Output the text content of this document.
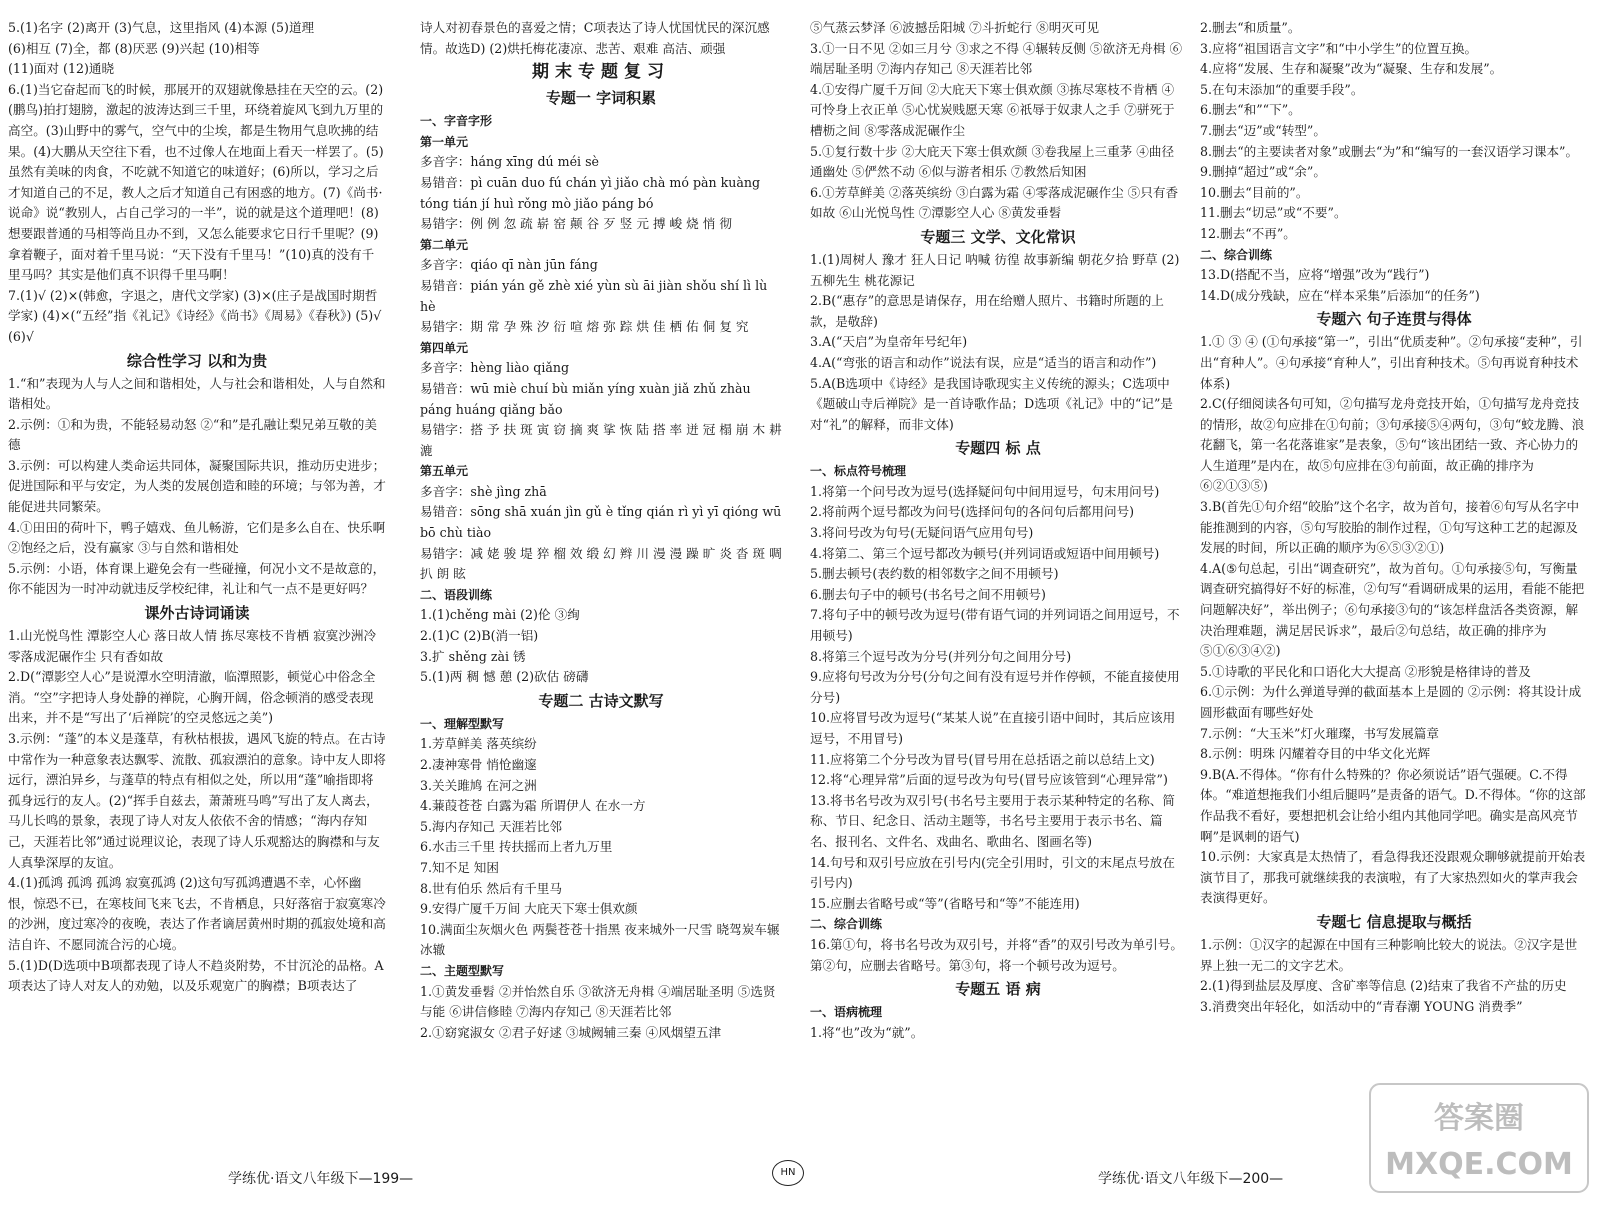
5.(1)名字 (2)离开 (3)气息，这里指风 (4)本源 (5)道理

(6)相互 (7)全，都 (8)厌恶 (9)兴起 (10)相等

(11)面对 (12)通晓

6.(1)当它奋起而飞的时候，那展开的双翅就像悬挂在天空的云。(2)(鹏鸟)拍打翅膀，激起的波涛达到三千里，环绕着旋风飞到九万里的高空。(3)山野中的雾气，空气中的尘埃，都是生物用气息吹拂的结果。(4)大鹏从天空往下看，也不过像人在地面上看天一样罢了。(5)虽然有美味的肉食，不吃就不知道它的味道好；(6)所以，学习之后才知道自己的不足，教人之后才知道自己有困惑的地方。(7)《尚书·说命》说“教别人，占自己学习的一半”，说的就是这个道理吧！(8)想要跟普通的马相等尚且办不到，又怎么能要求它日行千里呢？(9)拿着鞭子，面对着千里马说：“天下没有千里马！”(10)真的没有千里马吗？其实是他们真不识得千里马啊！

7.(1)√ (2)×(韩愈，字退之，唐代文学家) (3)×(庄子是战国时期哲学家) (4)×(“五经”指《礼记》《诗经》《尚书》《周易》《春秋》) (5)√ (6)√

综合性学习 以和为贵

1.“和”表现为人与人之间和谐相处，人与社会和谐相处，人与自然和谐相处。

2.示例：①和为贵，不能轻易动怒 ②“和”是孔融让梨兄弟互敬的美德

3.示例：可以构建人类命运共同体，凝聚国际共识，推动历史进步；促进国际和平与安定，为人类的发展创造和睦的环境；与邻为善，才能促进共同繁荣。

4.①田田的荷叶下，鸭子嬉戏、鱼儿畅游，它们是多么自在、快乐啊 ②饱经之后，没有赢家 ③与自然和谐相处

5.示例：小语，体育课上避免会有一些碰撞，何况小文不是故意的，你不能因为一时冲动就违反学校纪律，礼让和气一点不是更好吗？

课外古诗词诵读

1.山光悦鸟性 潭影空人心 落日故人情 拣尽寒枝不肯栖 寂寞沙洲冷 零落成泥碾作尘 只有香如故

2.D(“潭影空人心”是说潭水空明清澈，临潭照影，顿觉心中俗念全消。“空”字把诗人身处静的禅院，心胸开阔，俗念顿消的感受表现出来，并不是“写出了‘后禅院’的空灵悠远之美”)

3.示例：“蓬”的本义是蓬草，有秋枯根拔，遇风飞旋的特点。在古诗中常作为一种意象表达飘零、流散、孤寂漂泊的意象。诗中友人即将远行，漂泊异乡，与蓬草的特点有相似之处，所以用“蓬”喻指即将孤身远行的友人。(2)“挥手自兹去，萧萧班马鸣”写出了友人离去，马儿长鸣的景象，表现了诗人对友人依依不舍的情感；“海内存知己，天涯若比邻”通过说理议论，表现了诗人乐观豁达的胸襟和与友人真挚深厚的友谊。

4.(1)孤鸿 孤鸿 孤鸿 寂寞孤鸿 (2)这句写孤鸿遭遇不幸，心怀幽恨，惊恐不已，在寒枝间飞来飞去，不肯栖息，只好落宿于寂寞寒冷的沙洲，度过寒冷的夜晚，表达了作者谪居黄州时期的孤寂处境和高洁自许、不愿同流合污的心境。

5.(1)D(D选项中B项都表现了诗人不趋炎附势，不甘沉沦的品格。A项表达了诗人对友人的劝勉，以及乐观宽广的胸襟；B项表达了

诗人对初春景色的喜爱之情；C项表达了诗人忧国忧民的深沉感情。故选D) (2)烘托梅花凄凉、悲苦、艰难 高洁、顽强

期末专题复习

专题一 字词积累

一、字音字形

第一单元

多音字：háng xīng dú méi sè

易错音：pì cuān duo fú chán yì jiǎo chà mó pàn kuàng tóng tián jí huì rǒng mò jiǎo páng bó

易错字：例 例 忽 疏 崭 窑 颠 谷 歹 竖 元 搏 峻 烧 悄 彻

第二单元

多音字：qiáo qī nàn jūn fáng

易错音：pián yán gě zhè xié yùn sù āi jiàn shǒu shí lì lù hè

易错字：期 常 孕 殊 汐 衍 喧 熔 弥 踪 烘 佳 栖 佑 侗 复 究

第四单元

多音字：hèng liào qiǎng

易错音：wū miè chuí bù miǎn yíng xuàn jiǎ zhǔ zhàu páng huáng qiǎng bǎo

易错字：搭 予 扶 斑 寅 窃 摘 爽 挲 恢 陆 搭 率 迸 冠 榻 崩 木 耕 漉

第五单元

多音字：shè jìng zhā

易错音：sōng shā xuán jìn gǔ è tǐng qián rì yì yī qióng wū bō chù tiào

易错字：减 姥 骏 堤 猝 榴 效 缎 幻 辫 川 漫 漫 躁 旷 炎 沓 斑 啁 扒 朗 眩

二、语段训练

1.(1)chěng mài (2)伦 ③绚

2.(1)C (2)B(消一铝)

3.扩 shěng zài 锈

5.(1)两 稠 憾 憩 (2)砍估 磅礴

专题二 古诗文默写

一、理解型默写

1.芳草鲜美 落英缤纷

2.凄神寒骨 悄怆幽邃

3.关关雎鸠 在河之洲

4.蒹葭苍苍 白露为霜 所谓伊人 在水一方

5.海内存知己 天涯若比邻

6.水击三千里 抟扶摇而上者九万里

7.知不足 知困

8.世有伯乐 然后有千里马

9.安得广厦千万间 大庇天下寒士俱欢颜

10.满面尘灰烟火色 两鬓苍苍十指黑 夜来城外一尺雪 晓驾炭车辗冰辙

二、主题型默写

1.①黄发垂髫 ②并怡然自乐 ③欲济无舟楫 ④端居耻圣明 ⑤选贤与能 ⑥讲信修睦 ⑦海内存知己 ⑧天涯若比邻

2.①窈窕淑女 ②君子好逑 ③城阙辅三秦 ④风烟望五津

⑤气蒸云梦泽 ⑥波撼岳阳城 ⑦斗折蛇行 ⑧明灭可见

3.①一日不见 ②如三月兮 ③求之不得 ④辗转反侧 ⑤欲济无舟楫 ⑥端居耻圣明 ⑦海内存知己 ⑧天涯若比邻

4.①安得广厦千万间 ②大庇天下寒士俱欢颜 ③拣尽寒枝不肯栖 ④可怜身上衣正单 ⑤心忧炭贱愿天寒 ⑥祇辱于奴隶人之手 ⑦骈死于槽枥之间 ⑧零落成泥碾作尘

5.①复行数十步 ②大庇天下寒士俱欢颜 ③卷我屋上三重茅 ④曲径通幽处 ⑤俨然不动 ⑥似与游者相乐 ⑦教然后知困

6.①芳草鲜美 ②落英缤纷 ③白露为霜 ④零落成泥碾作尘 ⑤只有香如故 ⑥山光悦鸟性 ⑦潭影空人心 ⑧黄发垂髫

专题三 文学、文化常识

1.(1)周树人 豫才 狂人日记 呐喊 彷徨 故事新编 朝花夕拾 野草 (2)五柳先生 桃花源记

2.B(“惠存”的意思是请保存，用在给赠人照片、书籍时所题的上款，是敬辞)

3.A(“天启”为皇帝年号纪年)

4.A(“弯张的语言和动作”说法有误，应是“适当的语言和动作”)

5.A(B选项中《诗经》是我国诗歌现实主义传统的源头；C选项中《题破山寺后禅院》是一首诗歌作品；D选项《礼记》中的“记”是对“礼”的解释，而非文体)

专题四 标 点

一、标点符号梳理

1.将第一个问号改为逗号(选择疑问句中间用逗号，句末用问号)

2.将前两个逗号都改为问号(选择问句的各问句后都用问号)

3.将问号改为句号(无疑问语气应用句号)

4.将第二、第三个逗号都改为顿号(并列词语或短语中间用顿号)

5.删去顿号(表约数的相邻数字之间不用顿号)

6.删去句子中的顿号(书名号之间不用顿号)

7.将句子中的顿号改为逗号(带有语气词的并列词语之间用逗号，不用顿号)

8.将第三个逗号改为分号(并列分句之间用分号)

9.应将句号改为分号(分句之间有没有逗号并作停顿，不能直接使用分号)

10.应将冒号改为逗号(“某某人说”在直接引语中间时，其后应该用逗号，不用冒号)

11.应将第二个分号改为冒号(冒号用在总括语之前以总结上文)

12.将“心理异常”后面的逗号改为句号(冒号应该管到“心理异常”)

13.将书名号改为双引号(书名号主要用于表示某种特定的名称、简称、节日、纪念日、活动主题等，书名号主要用于表示书名、篇名、报刊名、文件名、戏曲名、歌曲名、图画名等)

14.句号和双引号应放在引号内(完全引用时，引文的末尾点号放在引号内)

15.应删去省略号或“等”(省略号和“等”不能连用)

二、综合训练

16.第①句，将书名号改为双引号，并将“香”的双引号改为单引号。第②句，应删去省略号。第③句，将一个顿号改为逗号。

专题五 语 病

一、语病梳理

1.将“也”改为“就”。

2.删去“和质量”。

3.应将“祖国语言文字”和“中小学生”的位置互换。

4.应将“发展、生存和凝聚”改为“凝聚、生存和发展”。

5.在句末添加“的重要手段”。

6.删去“和”“下”。

7.删去“迈”或“转型”。

8.删去“的主要读者对象”或删去“为”和“编写的一套汉语学习课本”。

9.删掉“超过”或“余”。

10.删去“目前的”。

11.删去“切忌”或“不要”。

12.删去“不再”。

二、综合训练

13.D(搭配不当，应将“增强”改为“践行”)

14.D(成分残缺，应在“样本采集”后添加“的任务”)

专题六 句子连贯与得体

1.① ③ ④ (①句承接“第一”，引出“优质麦种”。②句承接“麦种”，引出“育种人”。④句承接“育种人”，引出育种技术。⑤句再说育种技术体系)

2.C(仔细阅读各句可知，②句描写龙舟竞技开始，①句描写龙舟竞技的情形，故②句应排在①句前；③句承接⑤④两句，③句“蛟龙腾、浪花翻飞，第一名花落谁家”是表象，⑤句“该出团结一致、齐心协力的人生道理”是内在，故⑤句应排在③句前面，故正确的排序为⑥②①③⑤)

3.B(首先①句介绍“皎胎”这个名字，故为首句，接着⑥句写从名字中能推测到的内容，⑤句写胶胎的制作过程，①句写这种工艺的起源及发展的时间，所以正确的顺序为⑥⑤③②①)

4.A(⑤句总起，引出“调查研究”，故为首句。①句承接⑤句，写衡量调查研究搞得好不好的标准，②句写“看调研成果的运用，看能不能把问题解决好”，举出例子；⑥句承接③句的“该怎样盘活各类资源，解决治理难题，满足居民诉求”，最后②句总结，故正确的排序为⑤①⑥③④②)

5.①诗歌的平民化和口语化大大提高 ②形貌是格律诗的普及

6.①示例：为什么弹道导弹的截面基本上是圆的 ②示例：将其设计成圆形截面有哪些好处

7.示例：“大玉米”灯火璀璨，书写发展篇章

8.示例：明珠 闪耀着夺目的中华文化光辉

9.B(A.不得体。“你有什么特殊的？你必须说话”语气强硬。C.不得体。“难道想拖我们小组后腿吗”是责备的语气。D.不得体。“你的这部作品我不看好，要想把机会让给小组内其他同学吧。确实是高风亮节啊”是讽刺的语气)

10.示例：大家真是太热情了，看急得我还没跟观众聊够就提前开始表演节目了，那我可就继续我的表演啦，有了大家热烈如火的掌声我会表演得更好。

专题七 信息提取与概括

1.示例：①汉字的起源在中国有三种影响比较大的说法。②汉字是世界上独一无二的文字艺术。

2.(1)得到盐层及厚度、含矿率等信息 (2)结束了我省不产盐的历史

3.消费突出年轻化，如活动中的“青春潮 YOUNG 消费季”

学练优·语文八年级下—199—	HN	学练优·语文八年级下—200—
答案圈
MXQE.COM
